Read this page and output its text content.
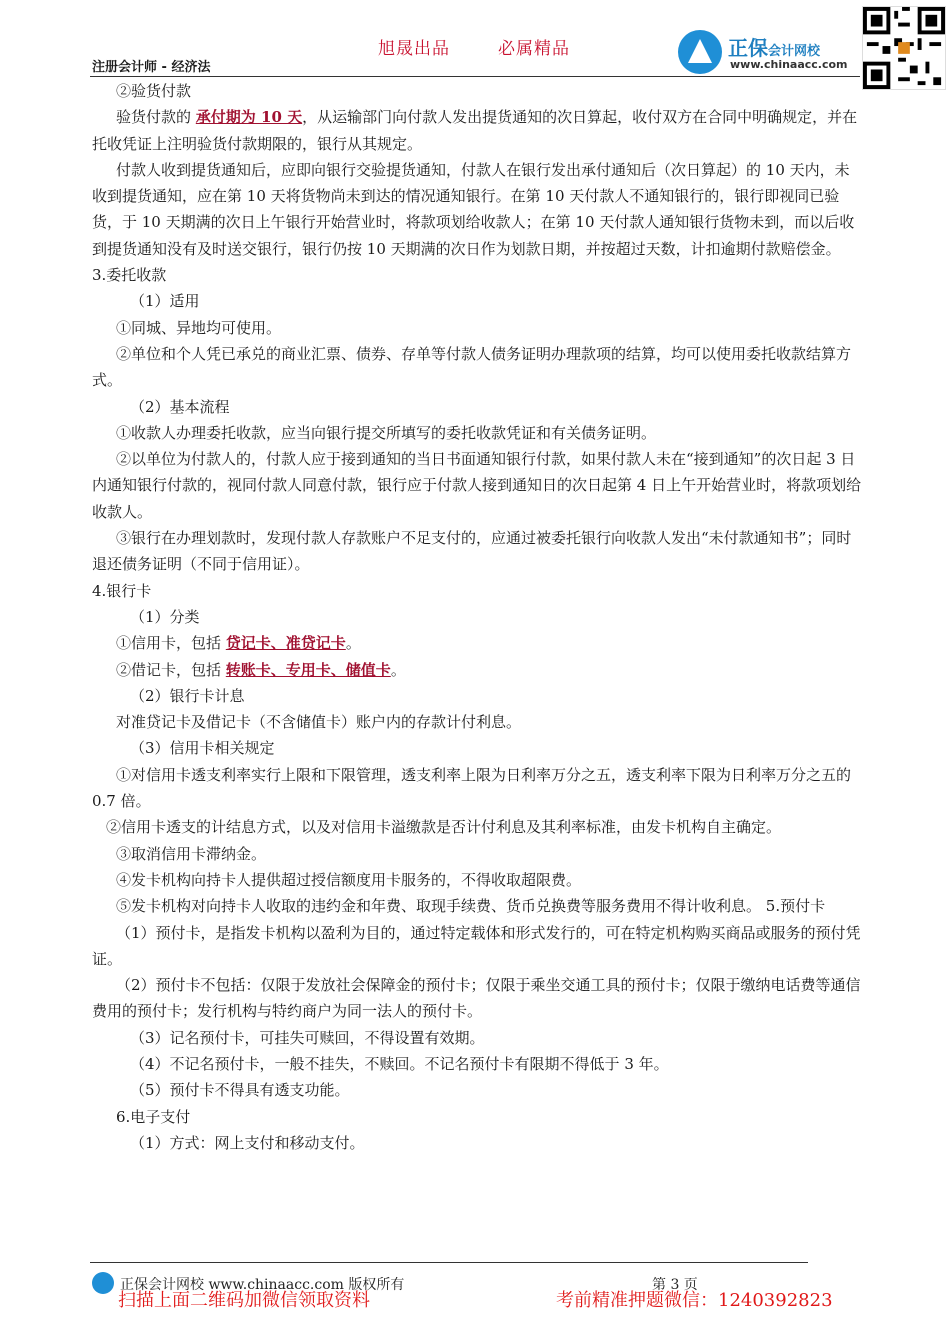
旭晟出品	必属精品
注册会计师 - 经济法
正保会计网校
www.chinaacc.com

②验货付款

验货付款的 承付期为 10 天，从运输部门向付款人发出提货通知的次日算起，收付双方在合同中明确规定，并在托收凭证上注明验货付款期限的，银行从其规定。

付款人收到提货通知后，应即向银行交验提货通知，付款人在银行发出承付通知后（次日算起）的 10 天内，未收到提货通知，应在第 10 天将货物尚未到达的情况通知银行。在第 10 天付款人不通知银行的，银行即视同已验货，于 10 天期满的次日上午银行开始营业时，将款项划给收款人；在第 10 天付款人通知银行货物未到，而以后收到提货通知没有及时送交银行，银行仍按 10 天期满的次日作为划款日期，并按超过天数，计扣逾期付款赔偿金。

3.委托收款

（1）适用

①同城、异地均可使用。

②单位和个人凭已承兑的商业汇票、债券、存单等付款人债务证明办理款项的结算，均可以使用委托收款结算方式。

（2）基本流程

①收款人办理委托收款，应当向银行提交所填写的委托收款凭证和有关债务证明。

②以单位为付款人的，付款人应于接到通知的当日书面通知银行付款，如果付款人未在“接到通知”的次日起 3 日内通知银行付款的，视同付款人同意付款，银行应于付款人接到通知日的次日起第 4 日上午开始营业时，将款项划给收款人。

③银行在办理划款时，发现付款人存款账户不足支付的，应通过被委托银行向收款人发出“未付款通知书”；同时退还债务证明（不同于信用证）。

4.银行卡

（1）分类

①信用卡，包括 贷记卡、准贷记卡。

②借记卡，包括 转账卡、专用卡、储值卡。

（2）银行卡计息

对准贷记卡及借记卡（不含储值卡）账户内的存款计付利息。

（3）信用卡相关规定

①对信用卡透支利率实行上限和下限管理，透支利率上限为日利率万分之五，透支利率下限为日利率万分之五的 0.7 倍。

②信用卡透支的计结息方式，以及对信用卡溢缴款是否计付利息及其利率标准，由发卡机构自主确定。

③取消信用卡滞纳金。

④发卡机构向持卡人提供超过授信额度用卡服务的，不得收取超限费。

⑤发卡机构对向持卡人收取的违约金和年费、取现手续费、货币兑换费等服务费用不得计收利息。 5.预付卡

（1）预付卡，是指发卡机构以盈利为目的，通过特定载体和形式发行的，可在特定机构购买商品或服务的预付凭证。

（2）预付卡不包括：仅限于发放社会保障金的预付卡；仅限于乘坐交通工具的预付卡；仅限于缴纳电话费等通信费用的预付卡；发行机构与特约商户为同一法人的预付卡。

（3）记名预付卡，可挂失可赎回，不得设置有效期。

（4）不记名预付卡，一般不挂失，不赎回。不记名预付卡有限期不得低于 3 年。

（5）预付卡不得具有透支功能。

6.电子支付

（1）方式：网上支付和移动支付。

正保会计网校 www.chinaacc.com 版权所有	第 3 页
扫描上面二维码加微信领取资料	考前精准押题微信：1240392823
